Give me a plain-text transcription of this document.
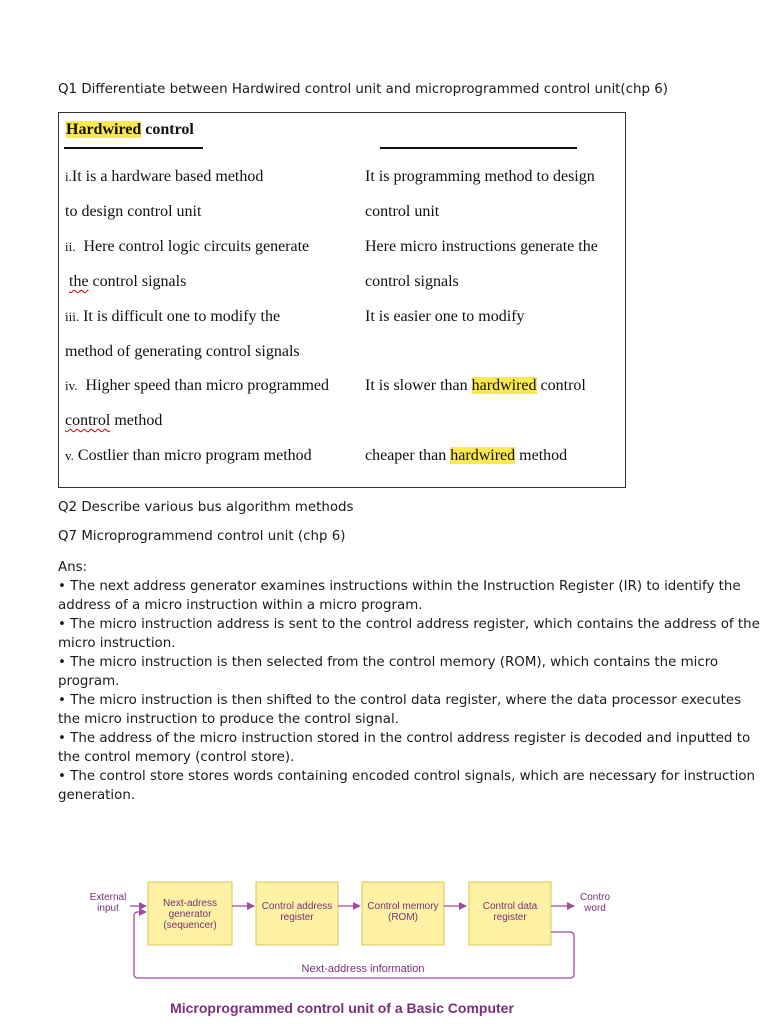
Q1 Differentiate between Hardwired control unit and microprogrammed control unit(chp 6)
Hardwired control
i.It is a hardware based method
to design control unit
It is programming method to design
control unit
ii.  Here control logic circuits generate
the control signals
Here micro instructions generate the
control signals
iii. It is difficult one to modify the
method of generating control signals
It is easier one to modify
iv.  Higher speed than micro programmed
control method
It is slower than hardwired control
v. Costlier than micro program method	cheaper than hardwired method
Q2 Describe various bus algorithm methods
Q7 Microprogrammend control unit (chp 6)

Ans:

• The next address generator examines instructions within the Instruction Register (IR) to identify the address of a micro instruction within a micro program.

• The micro instruction address is sent to the control address register, which contains the address of the micro instruction.

• The micro instruction is then selected from the control memory (ROM), which contains the micro program.

• The micro instruction is then shifted to the control data register, where the data processor executes the micro instruction to produce the control signal.

• The address of the micro instruction stored in the control address register is decoded and inputted to the control memory (control store).

• The control store stores words containing encoded control signals, which are necessary for instruction generation.

External
input	Next-adress
generator
(sequencer)
Control address
register
Control memory
(ROM)
Control data
register
Contro
word
Next-address information
Microprogrammed control unit of a Basic Computer
